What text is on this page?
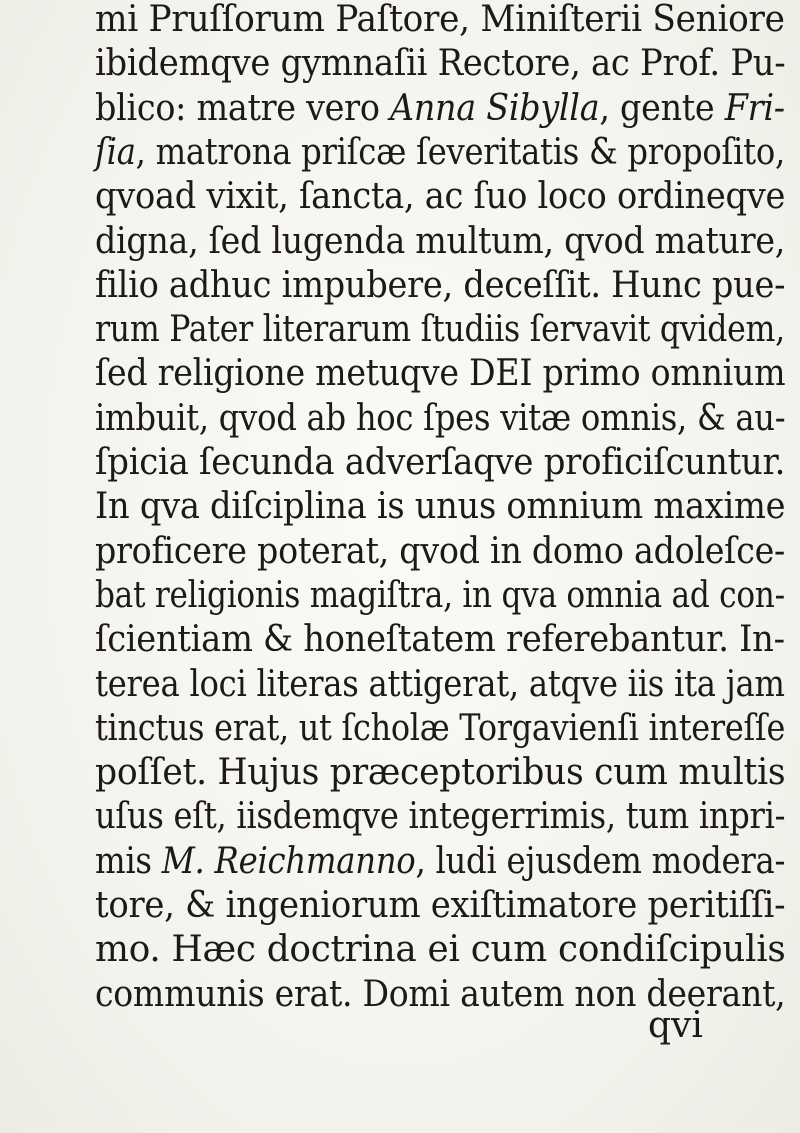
mi Pruſſorum Paſtore, Miniſterii Seniore
ibidemqve gymnaſii Rectore, ac Prof. Pu-
blico: matre vero Anna Sibylla, gente Fri-
ſia, matrona priſcæ ſeveritatis & propoſito,
qvoad vixit, ſancta, ac ſuo loco ordineqve
digna, ſed lugenda multum, qvod mature,
filio adhuc impubere, deceſſit. Hunc pue-
rum Pater literarum ſtudiis ſervavit qvidem,
ſed religione metuqve DEI primo omnium
imbuit, qvod ab hoc ſpes vitæ omnis, & au-
ſpicia ſecunda adverſaqve proficiſcuntur.
In qva diſciplina is unus omnium maxime
proficere poterat, qvod in domo adoleſce-
bat religionis magiſtra, in qva omnia ad con-
ſcientiam & honeſtatem referebantur. In-
terea loci literas attigerat, atqve iis ita jam
tinctus erat, ut ſcholæ Torgavienſi intereſſe
poſſet. Hujus præceptoribus cum multis
uſus eſt, iisdemqve integerrimis, tum inpri-
mis M. Reichmanno, ludi ejusdem modera-
tore, & ingeniorum exiſtimatore peritiſſi-
mo. Hæc doctrina ei cum condiſcipulis
communis erat. Domi autem non deerant,
qvi
